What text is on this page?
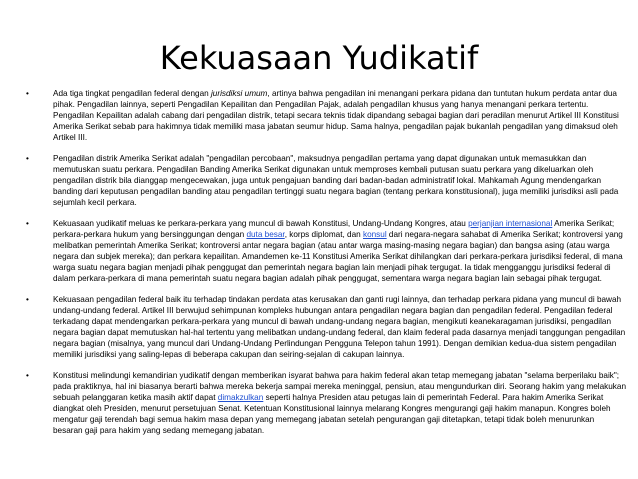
Kekuasaan Yudikatif
•	Ada tiga tingkat pengadilan federal dengan jurisdiksi umum, artinya bahwa pengadilan ini menangani perkara pidana dan tuntutan hukum perdata antar dua pihak. Pengadilan lainnya, seperti Pengadilan Kepailitan dan Pengadilan Pajak, adalah pengadilan khusus yang hanya menangani perkara tertentu. Pengadilan Kepailitan adalah cabang dari pengadilan distrik, tetapi secara teknis tidak dipandang sebagai bagian dari peradilan menurut Artikel III Konstitusi Amerika Serikat sebab para hakimnya tidak memiliki masa jabatan seumur hidup. Sama halnya, pengadilan pajak bukanlah pengadilan yang dimaksud oleh Artikel III.
•	Pengadilan distrik Amerika Serikat adalah "pengadilan percobaan", maksudnya pengadilan pertama yang dapat digunakan untuk memasukkan dan memutuskan suatu perkara. Pengadilan Banding Amerika Serikat digunakan untuk memproses kembali putusan suatu perkara yang dikeluarkan oleh pengadilan distrik bila dianggap mengecewakan, juga untuk pengajuan banding dari badan-badan administratif lokal. Mahkamah Agung mendengarkan banding dari keputusan pengadilan banding atau pengadilan tertinggi suatu negara bagian (tentang perkara konstitusional), juga memiliki jurisdiksi asli pada sejumlah kecil perkara.
•	Kekuasaan yudikatif meluas ke perkara-perkara yang muncul di bawah Konstitusi, Undang-Undang Kongres, atau perjanjian internasional Amerika Serikat; perkara-perkara hukum yang bersinggungan dengan duta besar, korps diplomat, dan konsul dari negara-negara sahabat di Amerika Serikat; kontroversi yang melibatkan pemerintah Amerika Serikat; kontroversi antar negara bagian (atau antar warga masing-masing negara bagian) dan bangsa asing (atau warga negara dan subjek mereka); dan perkara kepailitan. Amandemen ke-11 Konstitusi Amerika Serikat dihilangkan dari perkara-perkara jurisdiksi federal, di mana warga suatu negara bagian menjadi pihak penggugat dan pemerintah negara bagian lain menjadi pihak tergugat. Ia tidak mengganggu jurisdiksi federal di dalam perkara-perkara di mana pemerintah suatu negara bagian adalah pihak penggugat, sementara warga negara bagian lain sebagai pihak tergugat.
•	Kekuasaan pengadilan federal baik itu terhadap tindakan perdata atas kerusakan dan ganti rugi lainnya, dan terhadap perkara pidana yang muncul di bawah undang-undang federal. Artikel III berwujud sehimpunan kompleks hubungan antara pengadilan negara bagian dan pengadilan federal. Pengadilan federal terkadang dapat mendengarkan perkara-perkara yang muncul di bawah undang-undang negara bagian, mengikuti keanekaragaman jurisdiksi, pengadilan negara bagian dapat memutuskan hal-hal tertentu yang melibatkan undang-undang federal, dan klaim federal pada dasarnya menjadi tanggungan pengadilan negara bagian (misalnya, yang muncul dari Undang-Undang Perlindungan Pengguna Telepon tahun 1991). Dengan demikian kedua-dua sistem pengadilan memiliki jurisdiksi yang saling-lepas di beberapa cakupan dan seiring-sejalan di cakupan lainnya.
•	Konstitusi melindungi kemandirian yudikatif dengan memberikan isyarat bahwa para hakim federal akan tetap memegang jabatan "selama berperilaku baik"; pada praktiknya, hal ini biasanya berarti bahwa mereka bekerja sampai mereka meninggal, pensiun, atau mengundurkan diri. Seorang hakim yang melakukan sebuah pelanggaran ketika masih aktif dapat dimakzulkan seperti halnya Presiden atau petugas lain di pemerintah Federal. Para hakim Amerika Serikat diangkat oleh Presiden, menurut persetujuan Senat. Ketentuan Konstitusional lainnya melarang Kongres mengurangi gaji hakim manapun. Kongres boleh mengatur gaji terendah bagi semua hakim masa depan yang memegang jabatan setelah pengurangan gaji ditetapkan, tetapi tidak boleh menurunkan besaran gaji para hakim yang sedang memegang jabatan.
